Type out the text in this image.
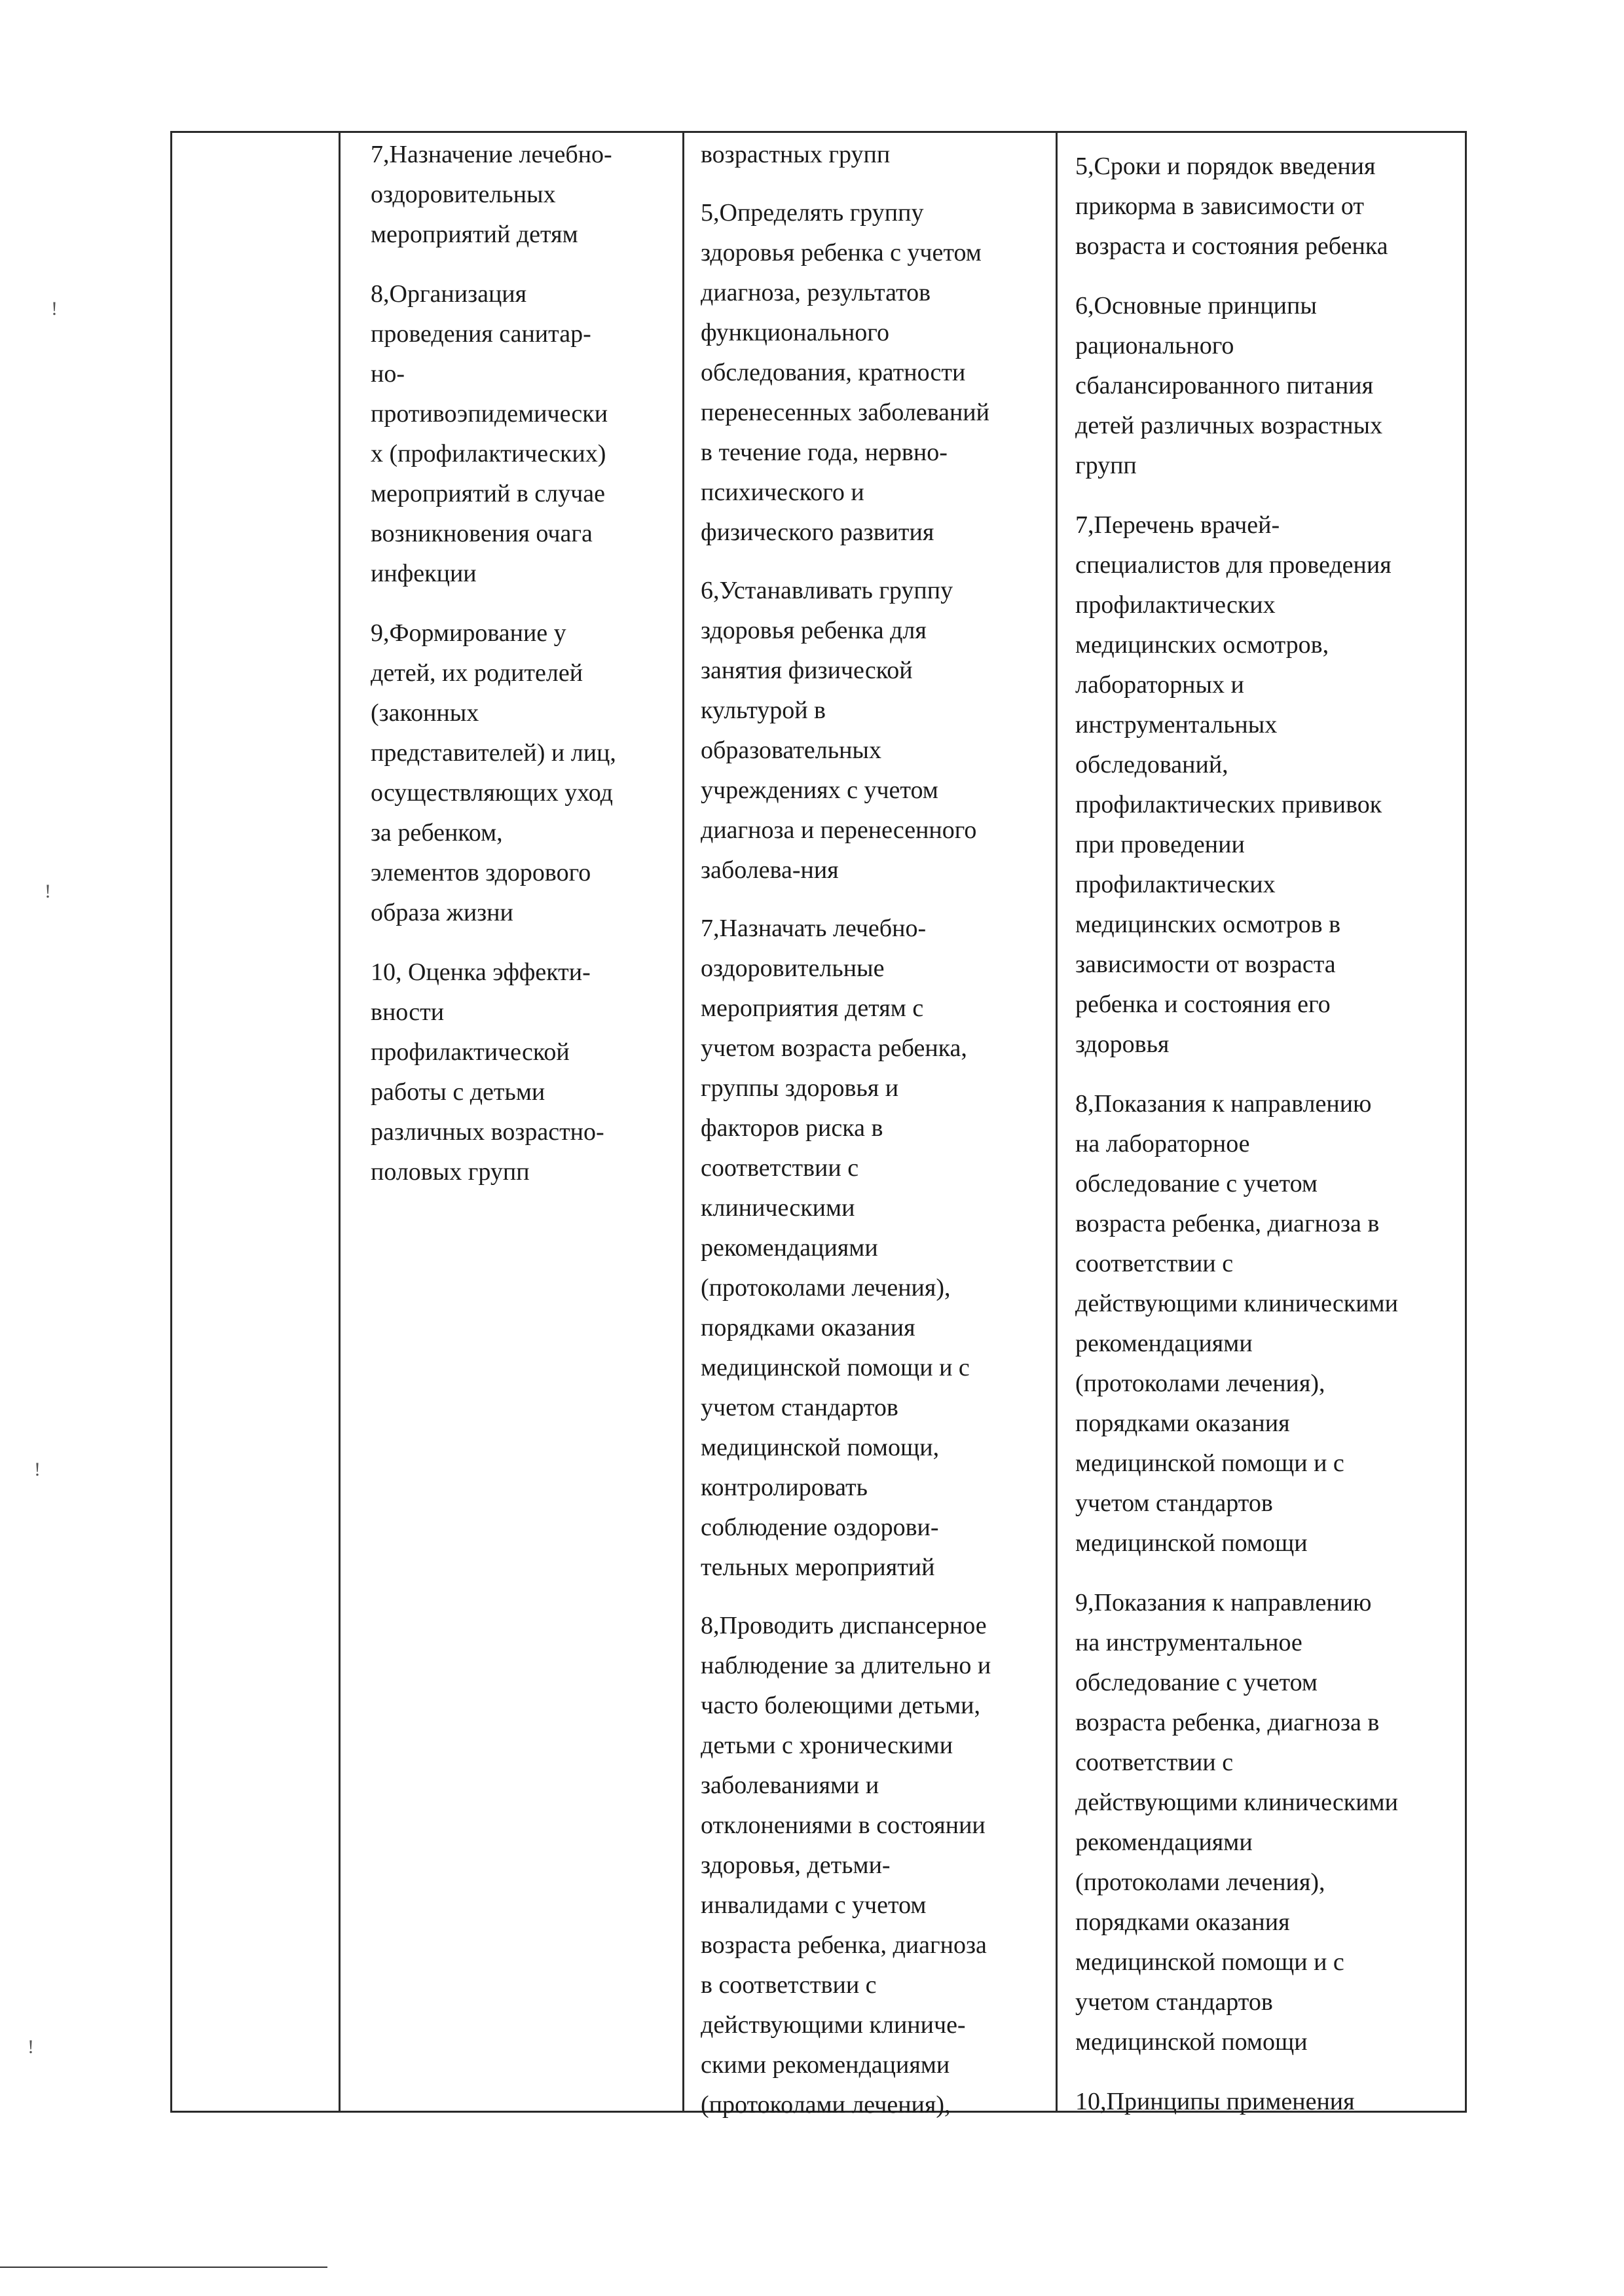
7,Назначение лечебно-
оздоровительных
мероприятий детям

8,Организация
проведения санитар-
но-
противоэпидемически
х (профилактических)
мероприятий в случае
возникновения очага
инфекции

9,Формирование у
детей, их родителей
(законных
представителей) и лиц,
осуществляющих уход
за ребенком,
элементов здорового
образа жизни

10, Оценка эффекти-
вности
профилактической
работы с детьми
различных возрастно-
половых групп

возрастных групп

5,Определять группу
здоровья ребенка с учетом
диагноза, результатов
функционального
обследования, кратности
перенесенных заболеваний
в течение года, нервно-
психического и
физического развития

6,Устанавливать группу
здоровья ребенка для
занятия физической
культурой в
образовательных
учреждениях с учетом
диагноза и перенесенного
заболева-ния

7,Назначать лечебно-
оздоровительные
мероприятия детям с
учетом возраста ребенка,
группы здоровья и
факторов риска в
соответствии с
клиническими
рекомендациями
(протоколами лечения),
порядками оказания
медицинской помощи и с
учетом стандартов
медицинской помощи,
контролировать
соблюдение оздорови-
тельных мероприятий

8,Проводить диспансерное
наблюдение за длительно и
часто болеющими детьми,
детьми с хроническими
заболеваниями и
отклонениями в состоянии
здоровья, детьми-
инвалидами с учетом
возраста ребенка, диагноза
в соответствии с
действующими клиниче-
скими рекомендациями
(протоколами лечения),

5,Сроки и порядок введения
прикорма в зависимости от
возраста и состояния ребенка

6,Основные принципы
рационального
сбалансированного питания
детей различных возрастных
групп

7,Перечень врачей-
специалистов для проведения
профилактических
медицинских осмотров,
лабораторных и
инструментальных
обследований,
профилактических прививок
при проведении
профилактических
медицинских осмотров в
зависимости от возраста
ребенка и состояния его
здоровья

8,Показания к направлению
на лабораторное
обследование с учетом
возраста ребенка, диагноза в
соответствии с
действующими клиническими
рекомендациями
(протоколами лечения),
порядками оказания
медицинской помощи и с
учетом стандартов
медицинской помощи

9,Показания к направлению
на инструментальное
обследование с учетом
возраста ребенка, диагноза в
соответствии с
действующими клиническими
рекомендациями
(протоколами лечения),
порядками оказания
медицинской помощи и с
учетом стандартов
медицинской помощи

10,Принципы применения

!
!
!
!
